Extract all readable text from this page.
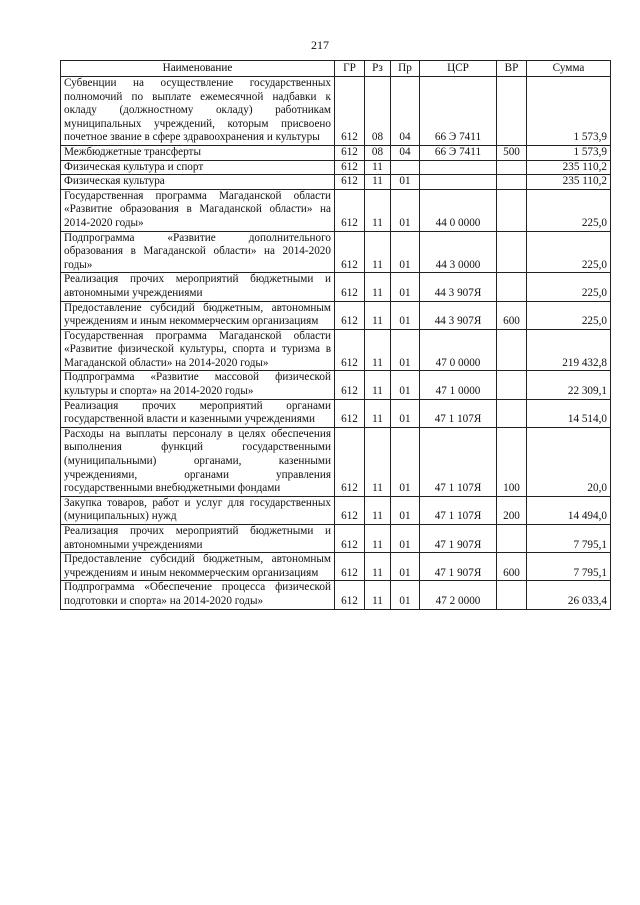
217
Наименование	ГР	Рз	Пр	ЦСР	ВР	Сумма
Субвенции на осуществление государственных полномочий по выплате ежемесячной надбавки к окладу (должностному окладу) работникам муниципальных учреждений, которым присвоено почетное звание в сфере здравоохранения и культуры	612	08	04	66 Э 7411		1 573,9
Межбюджетные трансферты	612	08	04	66 Э 7411	500	1 573,9
Физическая культура и спорт	612	11				235 110,2
Физическая культура	612	11	01			235 110,2
Государственная программа Магаданской области «Развитие образования в Магаданской области» на 2014-2020 годы»	612	11	01	44 0 0000		225,0
Подпрограмма «Развитие дополнительного образования в Магаданской области» на 2014-2020 годы»	612	11	01	44 3 0000		225,0
Реализация прочих мероприятий бюджетными и автономными учреждениями	612	11	01	44 3 907Я		225,0
Предоставление субсидий бюджетным, автономным учреждениям и иным некоммерческим организациям	612	11	01	44 3 907Я	600	225,0
Государственная программа Магаданской области «Развитие физической культуры, спорта и туризма в Магаданской области» на 2014-2020 годы»	612	11	01	47 0 0000		219 432,8
Подпрограмма «Развитие массовой физической культуры и спорта» на 2014-2020 годы»	612	11	01	47 1 0000		22 309,1
Реализация прочих мероприятий органами государственной власти и казенными учреждениями	612	11	01	47 1 107Я		14 514,0
Расходы на выплаты персоналу в целях обеспечения выполнения функций государственными (муниципальными) органами, казенными учреждениями, органами управления государственными внебюджетными фондами	612	11	01	47 1 107Я	100	20,0
Закупка товаров, работ и услуг для государственных (муниципальных) нужд	612	11	01	47 1 107Я	200	14 494,0
Реализация прочих мероприятий бюджетными и автономными учреждениями	612	11	01	47 1 907Я		7 795,1
Предоставление субсидий бюджетным, автономным учреждениям и иным некоммерческим организациям	612	11	01	47 1 907Я	600	7 795,1
Подпрограмма «Обеспечение процесса физической подготовки и спорта» на 2014-2020 годы»	612	11	01	47 2 0000		26 033,4
